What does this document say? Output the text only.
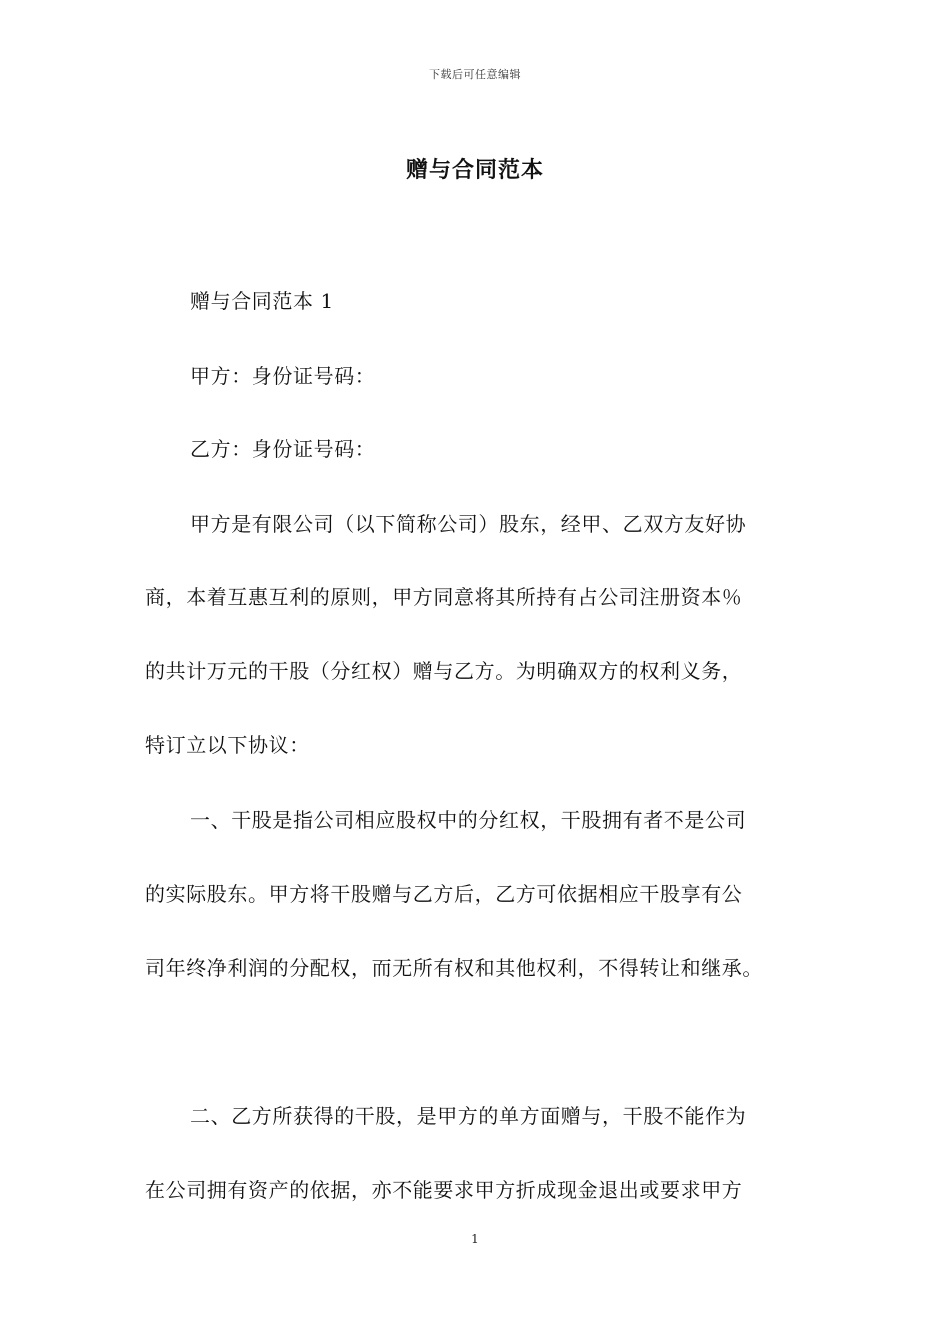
下载后可任意编辑
赠与合同范本
赠与合同范本 1
甲方：身份证号码：
乙方：身份证号码：
甲方是有限公司（以下简称公司）股东，经甲、乙双方友好协
商，本着互惠互利的原则，甲方同意将其所持有占公司注册资本％
的共计万元的干股（分红权）赠与乙方。为明确双方的权利义务，
特订立以下协议：
一、干股是指公司相应股权中的分红权，干股拥有者不是公司
的实际股东。甲方将干股赠与乙方后，乙方可依据相应干股享有公
司年终净利润的分配权，而无所有权和其他权利，不得转让和继承。
二、乙方所获得的干股，是甲方的单方面赠与，干股不能作为
在公司拥有资产的依据，亦不能要求甲方折成现金退出或要求甲方
1
